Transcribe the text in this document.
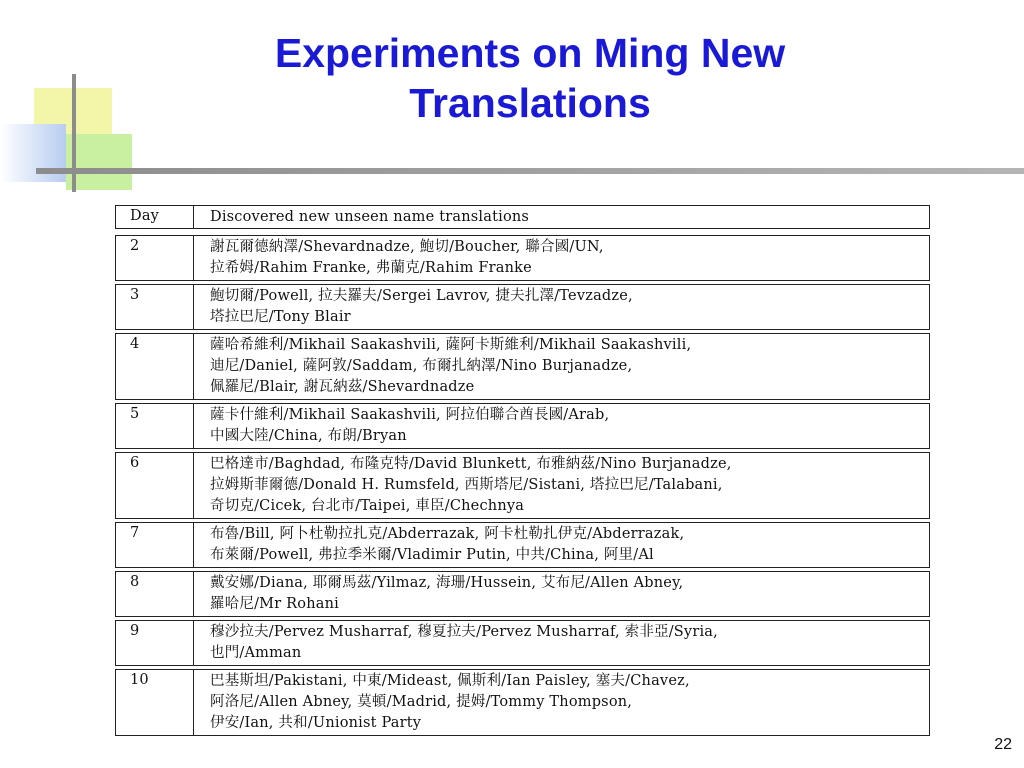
Experiments on Ming New
Translations
Day	Discovered new unseen name translations
2	謝瓦爾德納澤/Shevardnadze, 鮑切/Boucher, 聯合國/UN,
拉希姆/Rahim Franke, 弗蘭克/Rahim Franke
3	鮑切爾/Powell, 拉夫羅夫/Sergei Lavrov, 捷夫扎澤/Tevzadze,
塔拉巴尼/Tony Blair
4	薩哈希維利/Mikhail Saakashvili, 薩阿卡斯維利/Mikhail Saakashvili,
迪尼/Daniel, 薩阿敦/Saddam, 布爾扎納澤/Nino Burjanadze,
佩羅尼/Blair, 謝瓦納茲/Shevardnadze
5	薩卡什維利/Mikhail Saakashvili, 阿拉伯聯合酋長國/Arab,
中國大陸/China, 布朗/Bryan
6	巴格達市/Baghdad, 布隆克特/David Blunkett, 布雅納茲/Nino Burjanadze,
拉姆斯菲爾德/Donald H. Rumsfeld, 西斯塔尼/Sistani, 塔拉巴尼/Talabani,
奇切克/Cicek, 台北市/Taipei, 車臣/Chechnya
7	布魯/Bill, 阿卜杜勒拉扎克/Abderrazak, 阿卡杜勒扎伊克/Abderrazak,
布萊爾/Powell, 弗拉季米爾/Vladimir Putin, 中共/China, 阿里/Al
8	戴安娜/Diana, 耶爾馬茲/Yilmaz, 海珊/Hussein, 艾布尼/Allen Abney,
羅哈尼/Mr Rohani
9	穆沙拉夫/Pervez Musharraf, 穆夏拉夫/Pervez Musharraf, 索非亞/Syria,
也門/Amman
10	巴基斯坦/Pakistani, 中東/Mideast, 佩斯利/Ian Paisley, 塞夫/Chavez,
阿洛尼/Allen Abney, 莫頓/Madrid, 提姆/Tommy Thompson,
伊安/Ian, 共和/Unionist Party
22
